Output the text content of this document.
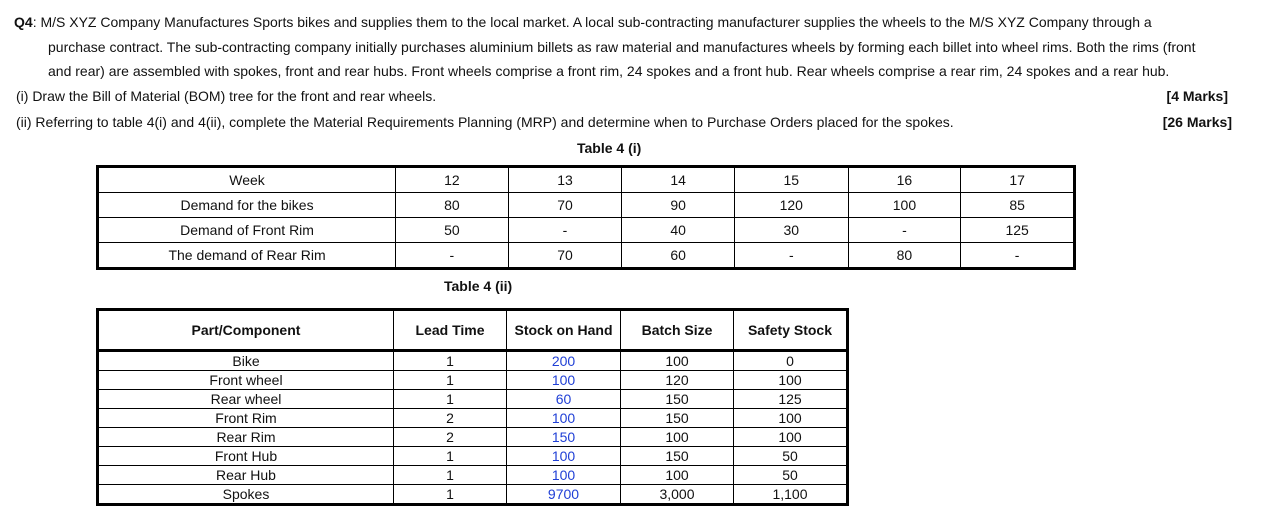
Q4: M/S XYZ Company Manufactures Sports bikes and supplies them to the local market. A local sub-contracting manufacturer supplies the wheels to the M/S XYZ Company through a
purchase contract. The sub-contracting company initially purchases aluminium billets as raw material and manufactures wheels by forming each billet into wheel rims. Both the rims (front
and rear) are assembled with spokes, front and rear hubs. Front wheels comprise a front rim, 24 spokes and a front hub. Rear wheels comprise a rear rim, 24 spokes and a rear hub.
(i) Draw the Bill of Material (BOM) tree for the front and rear wheels.	[4 Marks]
(ii) Referring to table 4(i) and 4(ii), complete the Material Requirements Planning (MRP) and determine when to Purchase Orders placed for the spokes.	[26 Marks]
Table 4 (i)
Week	12	13	14	15	16	17
Demand for the bikes	80	70	90	120	100	85
Demand of Front Rim	50	-	40	30	-	125
The demand of Rear Rim	-	70	60	-	80	-
Table 4 (ii)
Part/Component	Lead Time	Stock on Hand	Batch Size	Safety Stock
Bike	1	200	100	0
Front wheel	1	100	120	100
Rear wheel	1	60	150	125
Front Rim	2	100	150	100
Rear Rim	2	150	100	100
Front Hub	1	100	150	50
Rear Hub	1	100	100	50
Spokes	1	9700	3,000	1,100
